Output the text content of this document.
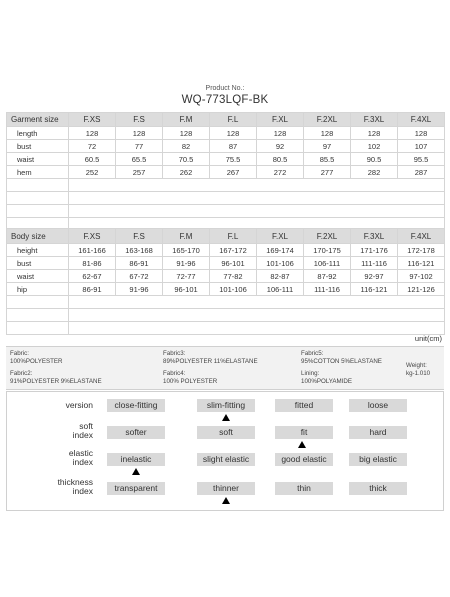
Product No.:
WQ-773LQF-BK
Garment size	F.XS	F.S	F.M	F.L	F.XL	F.2XL	F.3XL	F.4XL
length	128	128	128	128	128	128	128	128
bust	72	77	82	87	92	97	102	107
waist	60.5	65.5	70.5	75.5	80.5	85.5	90.5	95.5
hem	252	257	262	267	272	277	282	287

Body size	F.XS	F.S	F.M	F.L	F.XL	F.2XL	F.3XL	F.4XL
height	161-166	163-168	165-170	167-172	169-174	170-175	171-176	172-178
bust	81-86	86-91	91-96	96-101	101-106	106-111	111-116	116-121
waist	62-67	67-72	72-77	77-82	82-87	87-92	92-97	97-102
hip	86-91	91-96	96-101	101-106	106-111	111-116	116-121	121-126

unit(cm)
Fabric:
100%POLYESTER
Fabric2:
91%POLYESTER 9%ELASTANE
Fabric3:
89%POLYESTER 11%ELASTANE
Fabric4:
100% POLYESTER
Fabric5:
95%COTTON 5%ELASTANE
Lining:
100%POLYAMIDE
Weight:
kg-1.010
version	close-fitting	slim-fitting	fitted	loose
soft
index	softer	soft	fit	hard
elastic
index	inelastic	slight elastic	good elastic	big elastic
thickness
index	transparent	thinner	thin	thick
